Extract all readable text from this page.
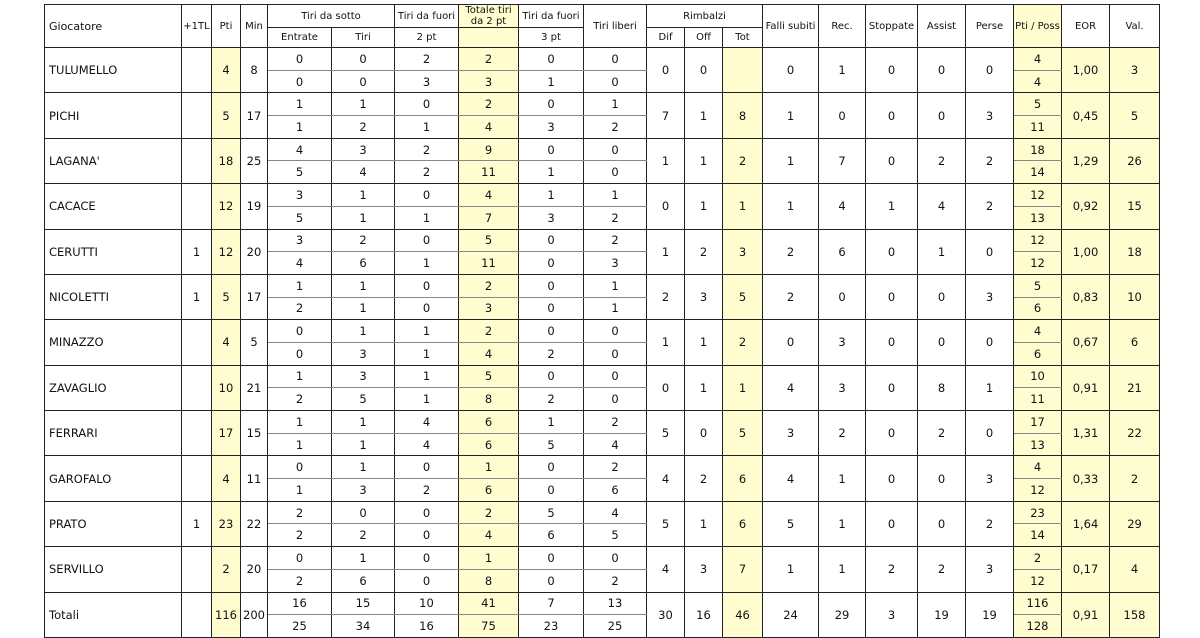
Giocatore	+1TL	Pti	Min	Tiri da sotto		Tiri da fuori	Totale tiri da 2 pt	Tiri da fuori	Tiri liberi	Rimbalzi			Falli subiti	Rec.	Stoppate	Assist	Perse	Pti / Poss	EOR	Val.
				Entrate	Tiri	2 pt		3 pt		Dif	Off	Tot								
TULUMELLO		4	8	0	0	2	2	0	0	0	0		0	1	0	0	0	4	1,00	3
				0	0	3	3	1	0									4		
PICHI		5	17	1	1	0	2	0	1	7	1	8	1	0	0	0	3	5	0,45	5
				1	2	1	4	3	2									11		
LAGANA'		18	25	4	3	2	9	0	0	1	1	2	1	7	0	2	2	18	1,29	26
				5	4	2	11	1	0									14		
CACACE		12	19	3	1	0	4	1	1	0	1	1	1	4	1	4	2	12	0,92	15
				5	1	1	7	3	2									13		
CERUTTI	1	12	20	3	2	0	5	0	2	1	2	3	2	6	0	1	0	12	1,00	18
				4	6	1	11	0	3									12		
NICOLETTI	1	5	17	1	1	0	2	0	1	2	3	5	2	0	0	0	3	5	0,83	10
				2	1	0	3	0	1									6		
MINAZZO		4	5	0	1	1	2	0	0	1	1	2	0	3	0	0	0	4	0,67	6
				0	3	1	4	2	0									6		
ZAVAGLIO		10	21	1	3	1	5	0	0	0	1	1	4	3	0	8	1	10	0,91	21
				2	5	1	8	2	0									11		
FERRARI		17	15	1	1	4	6	1	2	5	0	5	3	2	0	2	0	17	1,31	22
				1	1	4	6	5	4									13		
GAROFALO		4	11	0	1	0	1	0	2	4	2	6	4	1	0	0	3	4	0,33	2
				1	3	2	6	0	6									12		
PRATO	1	23	22	2	0	0	2	5	4	5	1	6	5	1	0	0	2	23	1,64	29
				2	2	0	4	6	5									14		
SERVILLO		2	20	0	1	0	1	0	0	4	3	7	1	1	2	2	3	2	0,17	4
				2	6	0	8	0	2									12		
Totali		116	200	16	15	10	41	7	13	30	16	46	24	29	3	19	19	116	0,91	158
				25	34	16	75	23	25									128		
